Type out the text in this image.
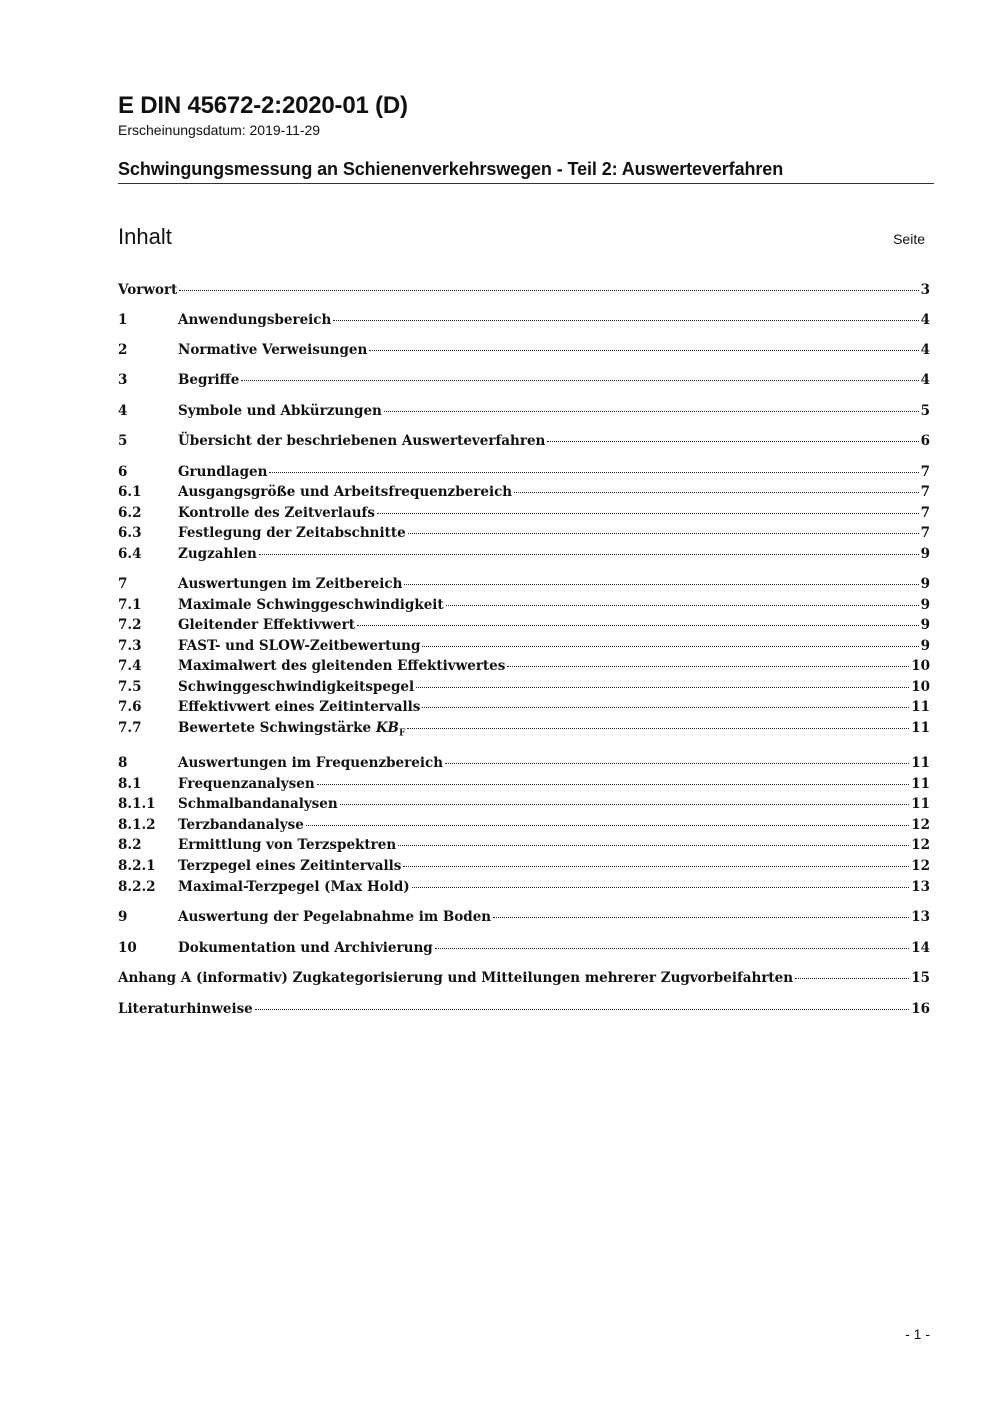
E DIN 45672-2:2020-01 (D)
Erscheinungsdatum: 2019-11-29
Schwingungsmessung an Schienenverkehrswegen - Teil 2: Auswerteverfahren
Inhalt	Seite
Vorwort	3
1	Anwendungsbereich	4
2	Normative Verweisungen	4
3	Begriffe	4
4	Symbole und Abkürzungen	5
5	Übersicht der beschriebenen Auswerteverfahren	6
6	Grundlagen	7
6.1	Ausgangsgröße und Arbeitsfrequenzbereich	7
6.2	Kontrolle des Zeitverlaufs	7
6.3	Festlegung der Zeitabschnitte	7
6.4	Zugzahlen	9
7	Auswertungen im Zeitbereich	9
7.1	Maximale Schwinggeschwindigkeit	9
7.2	Gleitender Effektivwert	9
7.3	FAST- und SLOW-Zeitbewertung	9
7.4	Maximalwert des gleitenden Effektivwertes	10
7.5	Schwinggeschwindigkeitspegel	10
7.6	Effektivwert eines Zeitintervalls	11
7.7	Bewertete Schwingstärke $KB_F$	11
8	Auswertungen im Frequenzbereich	11
8.1	Frequenzanalysen	11
8.1.1	Schmalbandanalysen	11
8.1.2	Terzbandanalyse	12
8.2	Ermittlung von Terzspektren	12
8.2.1	Terzpegel eines Zeitintervalls	12
8.2.2	Maximal-Terzpegel (Max Hold)	13
9	Auswertung der Pegelabnahme im Boden	13
10	Dokumentation und Archivierung	14
Anhang A (informativ) Zugkategorisierung und Mitteilungen mehrerer Zugvorbeifahrten	15
Literaturhinweise	16
- 1 -
